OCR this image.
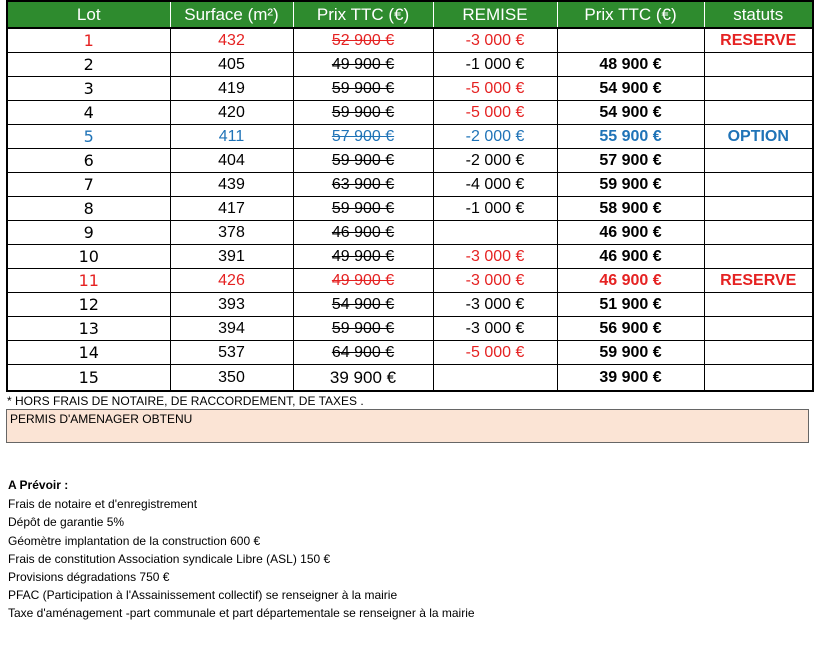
Lot	Surface (m²)	Prix TTC (€)	REMISE	Prix TTC (€)	statuts
1	432	52 900 €	-3 000 €		RESERVE
2	405	49 900 €	-1 000 €	48 900 €	
3	419	59 900 €	-5 000 €	54 900 €	
4	420	59 900 €	-5 000 €	54 900 €	
5	411	57 900 €	-2 000 €	55 900 €	OPTION
6	404	59 900 €	-2 000 €	57 900 €	
7	439	63 900 €	-4 000 €	59 900 €	
8	417	59 900 €	-1 000 €	58 900 €	
9	378	46 900 €		46 900 €	
10	391	49 900 €	-3 000 €	46 900 €	
11	426	49 900 €	-3 000 €	46 900 €	RESERVE
12	393	54 900 €	-3 000 €	51 900 €	
13	394	59 900 €	-3 000 €	56 900 €	
14	537	64 900 €	-5 000 €	59 900 €	
15	350	39 900 €		39 900 €	
* HORS FRAIS DE NOTAIRE, DE RACCORDEMENT, DE TAXES .
PERMIS D'AMENAGER OBTENU
A Prévoir :
Frais de notaire et d'enregistrement
Dépôt de garantie 5%
Géomètre implantation de la construction 600 €
Frais de constitution Association syndicale Libre (ASL) 150 €
Provisions dégradations 750 €
PFAC (Participation à l'Assainissement collectif) se renseigner à la mairie
Taxe d'aménagement -part communale et part départementale se renseigner à la mairie
